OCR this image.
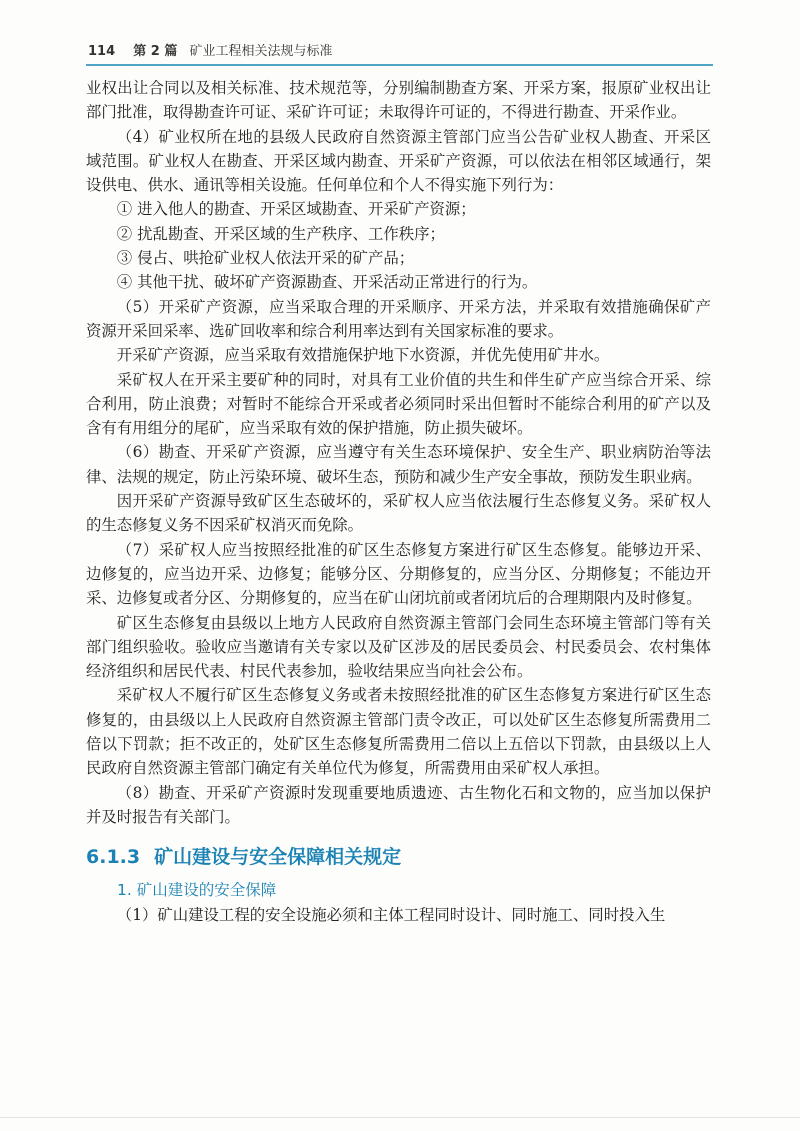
114 第 2 篇 矿业工程相关法规与标准

业权出让合同以及相关标准、技术规范等，分别编制勘查方案、开采方案，报原矿业权出让部门批准，取得勘查许可证、采矿许可证；未取得许可证的，不得进行勘查、开采作业。

（4）矿业权所在地的县级人民政府自然资源主管部门应当公告矿业权人勘查、开采区域范围。矿业权人在勘查、开采区域内勘查、开采矿产资源，可以依法在相邻区域通行，架设供电、供水、通讯等相关设施。任何单位和个人不得实施下列行为：

① 进入他人的勘查、开采区域勘查、开采矿产资源；

② 扰乱勘查、开采区域的生产秩序、工作秩序；

③ 侵占、哄抢矿业权人依法开采的矿产品；

④ 其他干扰、破坏矿产资源勘查、开采活动正常进行的行为。

（5）开采矿产资源，应当采取合理的开采顺序、开采方法，并采取有效措施确保矿产资源开采回采率、选矿回收率和综合利用率达到有关国家标准的要求。

开采矿产资源，应当采取有效措施保护地下水资源，并优先使用矿井水。

采矿权人在开采主要矿种的同时，对具有工业价值的共生和伴生矿产应当综合开采、综合利用，防止浪费；对暂时不能综合开采或者必须同时采出但暂时不能综合利用的矿产以及含有有用组分的尾矿，应当采取有效的保护措施，防止损失破坏。

（6）勘查、开采矿产资源，应当遵守有关生态环境保护、安全生产、职业病防治等法律、法规的规定，防止污染环境、破坏生态，预防和减少生产安全事故，预防发生职业病。

因开采矿产资源导致矿区生态破坏的，采矿权人应当依法履行生态修复义务。采矿权人的生态修复义务不因采矿权消灭而免除。

（7）采矿权人应当按照经批准的矿区生态修复方案进行矿区生态修复。能够边开采、边修复的，应当边开采、边修复；能够分区、分期修复的，应当分区、分期修复；不能边开采、边修复或者分区、分期修复的，应当在矿山闭坑前或者闭坑后的合理期限内及时修复。

矿区生态修复由县级以上地方人民政府自然资源主管部门会同生态环境主管部门等有关部门组织验收。验收应当邀请有关专家以及矿区涉及的居民委员会、村民委员会、农村集体经济组织和居民代表、村民代表参加，验收结果应当向社会公布。

采矿权人不履行矿区生态修复义务或者未按照经批准的矿区生态修复方案进行矿区生态修复的，由县级以上人民政府自然资源主管部门责令改正，可以处矿区生态修复所需费用二倍以下罚款；拒不改正的，处矿区生态修复所需费用二倍以上五倍以下罚款，由县级以上人民政府自然资源主管部门确定有关单位代为修复，所需费用由采矿权人承担。

（8）勘查、开采矿产资源时发现重要地质遗迹、古生物化石和文物的，应当加以保护并及时报告有关部门。

6.1.3 矿山建设与安全保障相关规定
1. 矿山建设的安全保障

（1）矿山建设工程的安全设施必须和主体工程同时设计、同时施工、同时投入生
